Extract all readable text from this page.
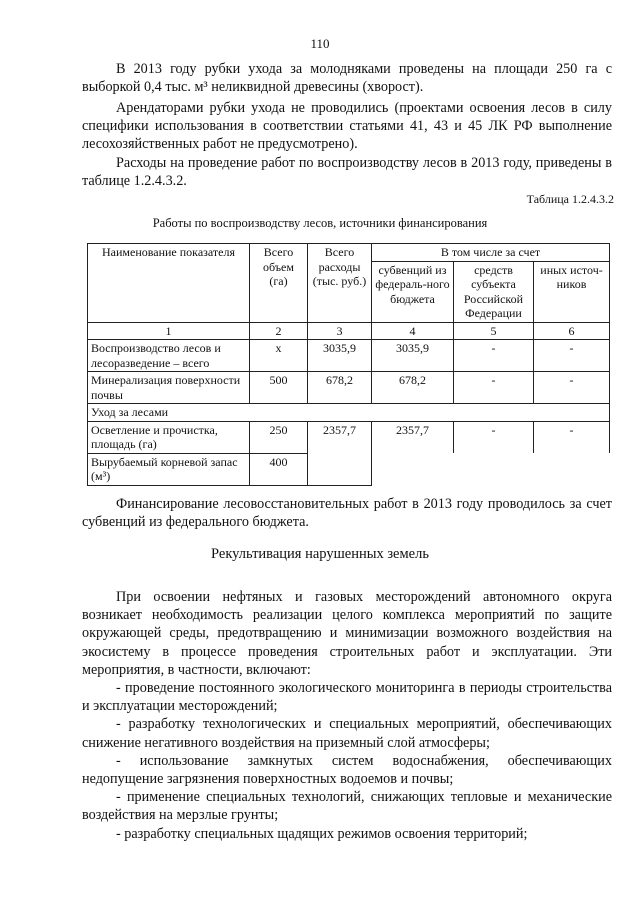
110
В 2013 году рубки ухода за молодняками проведены на площади 250 га с выборкой 0,4 тыс. м³ неликвидной древесины (хворост).
Арендаторами рубки ухода не проводились (проектами освоения лесов в силу специфики использования в соответствии статьями 41, 43 и 45 ЛК РФ выполнение лесохозяйственных работ не предусмотрено).
Расходы на проведение работ по воспроизводству лесов в 2013 году, приведены в таблице 1.2.4.3.2.
Таблица 1.2.4.3.2
Работы по воспроизводству лесов, источники финансирования
Наименование показателя	Всего объем (га)	Всего расходы (тыс. руб.)	В том числе за счет		
			субвенций из федераль-ного бюджета	средств субъекта Российской Федерации	иных источ-ников
1	2	3	4	5	6
Воспроизводство лесов и лесоразведение – всего	х	3035,9	3035,9	-	-
Минерализация поверхности почвы	500	678,2	678,2	-	-
Уход за лесами					
Осветление и прочистка, площадь (га)	250	2357,7	2357,7	-	-
Вырубаемый корневой запас (м³)	400				
Финансирование лесовосстановительных работ в 2013 году проводилось за счет субвенций из федерального бюджета.
Рекультивация нарушенных земель
При освоении нефтяных и газовых месторождений автономного округа возникает необходимость реализации целого комплекса мероприятий по защите окружающей среды, предотвращению и минимизации возможного воздействия на экосистему в процессе проведения строительных работ и эксплуатации. Эти мероприятия, в частности, включают:
- проведение постоянного экологического мониторинга в периоды строительства и эксплуатации месторождений;
- разработку технологических и специальных мероприятий, обеспечивающих снижение негативного воздействия на приземный слой атмосферы;
- использование замкнутых систем водоснабжения, обеспечивающих недопущение загрязнения поверхностных водоемов и почвы;
- применение специальных технологий, снижающих тепловые и механические воздействия на мерзлые грунты;
- разработку специальных щадящих режимов освоения территорий;
